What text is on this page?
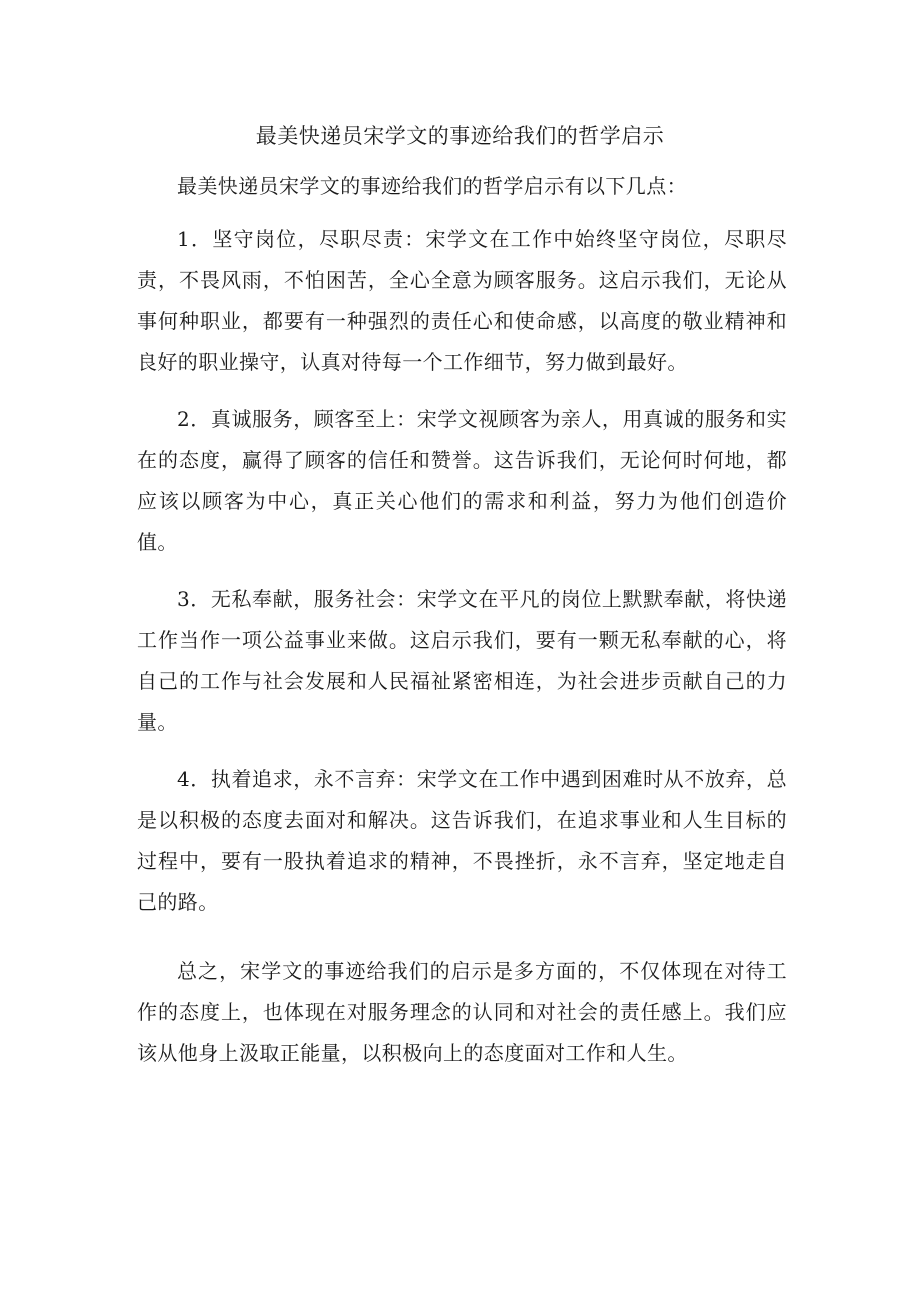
最美快递员宋学文的事迹给我们的哲学启示

最美快递员宋学文的事迹给我们的哲学启示有以下几点：

1．坚守岗位，尽职尽责：宋学文在工作中始终坚守岗位，尽职尽责，不畏风雨，不怕困苦，全心全意为顾客服务。这启示我们，无论从事何种职业，都要有一种强烈的责任心和使命感，以高度的敬业精神和良好的职业操守，认真对待每一个工作细节，努力做到最好。

2．真诚服务，顾客至上：宋学文视顾客为亲人，用真诚的服务和实在的态度，赢得了顾客的信任和赞誉。这告诉我们，无论何时何地，都应该以顾客为中心，真正关心他们的需求和利益，努力为他们创造价值。

3．无私奉献，服务社会：宋学文在平凡的岗位上默默奉献，将快递工作当作一项公益事业来做。这启示我们，要有一颗无私奉献的心，将自己的工作与社会发展和人民福祉紧密相连，为社会进步贡献自己的力量。

4．执着追求，永不言弃：宋学文在工作中遇到困难时从不放弃，总是以积极的态度去面对和解决。这告诉我们，在追求事业和人生目标的过程中，要有一股执着追求的精神，不畏挫折，永不言弃，坚定地走自己的路。

总之，宋学文的事迹给我们的启示是多方面的，不仅体现在对待工作的态度上，也体现在对服务理念的认同和对社会的责任感上。我们应该从他身上汲取正能量，以积极向上的态度面对工作和人生。
